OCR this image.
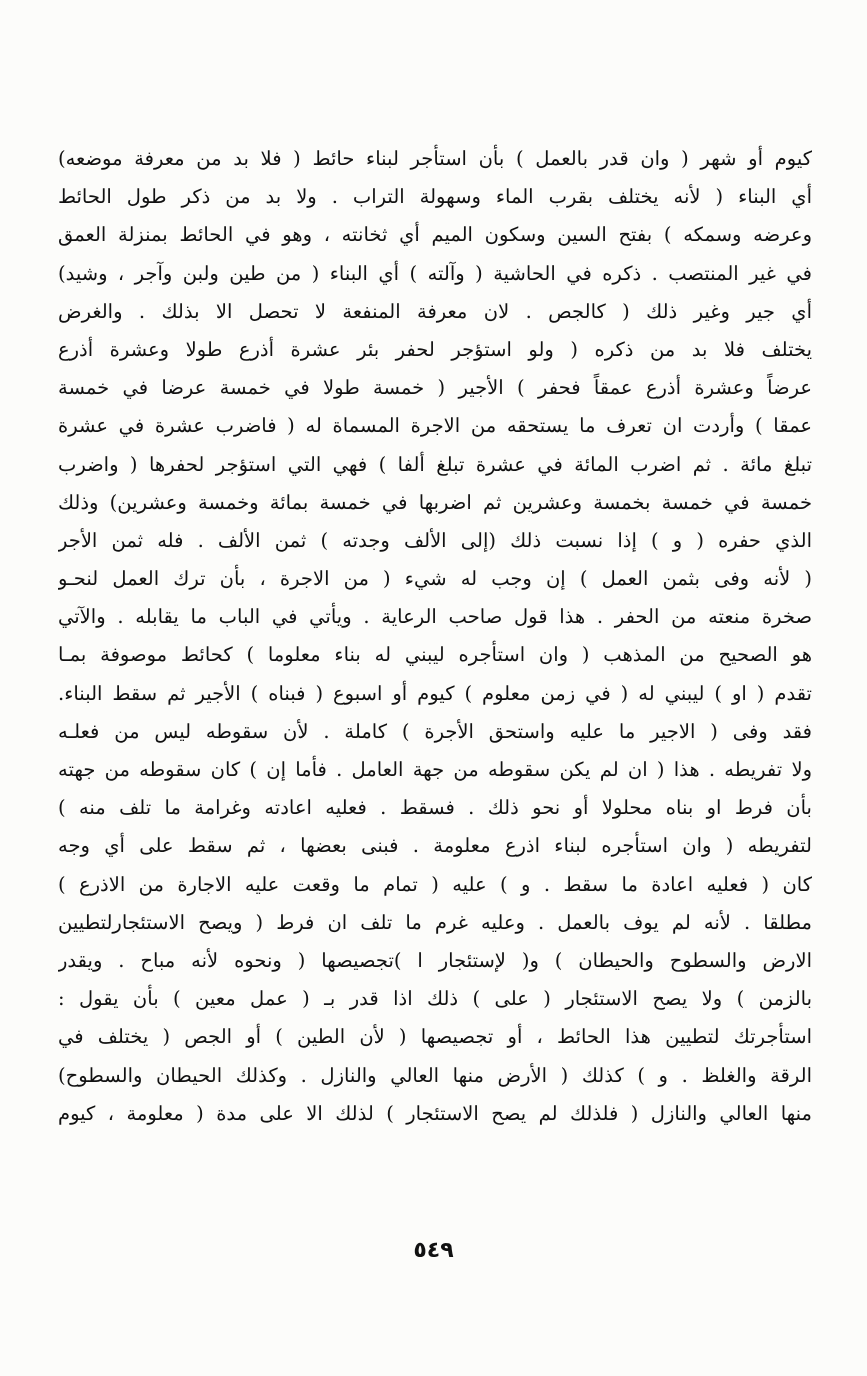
كيوم أو شهر ( وان قدر بالعمل ) بأن استأجر لبناء حائط ( فلا بد من معرفة موضعه)
أي البناء ( لأنه يختلف بقرب الماء وسهولة التراب . ولا بد من ذكر طول الحائط
وعرضه وسمكه ) بفتح السين وسكون الميم أي ثخانته ، وهو في الحائط بمنزلة العمق
في غير المنتصب . ذكره في الحاشية ( وآلته ) أي البناء ( من طين ولبن وآجر ، وشيد)
أي جير وغير ذلك ( كالجص . لان معرفة المنفعة لا تحصل الا بذلك . والغرض
يختلف فلا بد من ذكره ( ولو استؤجر لحفر بئر عشرة أذرع طولا وعشرة أذرع
عرضاً وعشرة أذرع عمقاً فحفر ) الأجير ( خمسة طولا في خمسة عرضا في خمسة
عمقا ) وأردت ان تعرف ما يستحقه من الاجرة المسماة له ( فاضرب عشرة في عشرة
تبلغ مائة . ثم اضرب المائة في عشرة تبلغ ألفا ) فهي التي استؤجر لحفرها ( واضرب
خمسة في خمسة بخمسة وعشرين ثم اضربها في خمسة بمائة وخمسة وعشرين) وذلك
الذي حفره ( و ) إذا نسبت ذلك (إلى الألف وجدته ) ثمن الألف . فله ثمن الأجر
( لأنه وفى بثمن العمل ) إن وجب له شيء ( من الاجرة ، بأن ترك العمل لنحـو
صخرة منعته من الحفر . هذا قول صاحب الرعاية . ويأتي في الباب ما يقابله . والآتي
هو الصحيح من المذهب ( وان استأجره ليبني له بناء معلوما ) كحائط موصوفة بمـا
تقدم ( او ) ليبني له ( في زمن معلوم ) كيوم أو اسبوع ( فبناه ) الأجير ثم سقط البناء.
فقد وفى ( الاجير ما عليه واستحق الأجرة ) كاملة . لأن سقوطه ليس من فعلـه
ولا تفريطه . هذا ( ان لم يكن سقوطه من جهة العامل . فأما إن ) كان سقوطه من جهته
بأن فرط او بناه محلولا أو نحو ذلك . فسقط . فعليه اعادته وغرامة ما تلف منه )
لتفريطه ( وان استأجره لبناء اذرع معلومة . فبنى بعضها ، ثم سقط على أي وجه
كان ( فعليه اعادة ما سقط . و ) عليه ( تمام ما وقعت عليه الاجارة من الاذرع )
مطلقا . لأنه لم يوف بالعمل . وعليه غرم ما تلف ان فرط ( ويصح الاستئجارلتطيين
الارض والسطوح والحيطان ) و( لإستئجار ا )تجصيصها ( ونحوه لأنه مباح . ويقدر
بالزمن ) ولا يصح الاستئجار ( على ) ذلك اذا قدر بـ ( عمل معين ) بأن يقول :
استأجرتك لتطيين هذا الحائط ، أو تجصيصها ( لأن الطين ) أو الجص ( يختلف في
الرقة والغلظ . و ) كذلك ( الأرض منها العالي والنازل . وكذلك الحيطان والسطوح)
منها العالي والنازل ( فلذلك لم يصح الاستئجار ) لذلك الا على مدة ( معلومة ، كيوم
٥٤٩
